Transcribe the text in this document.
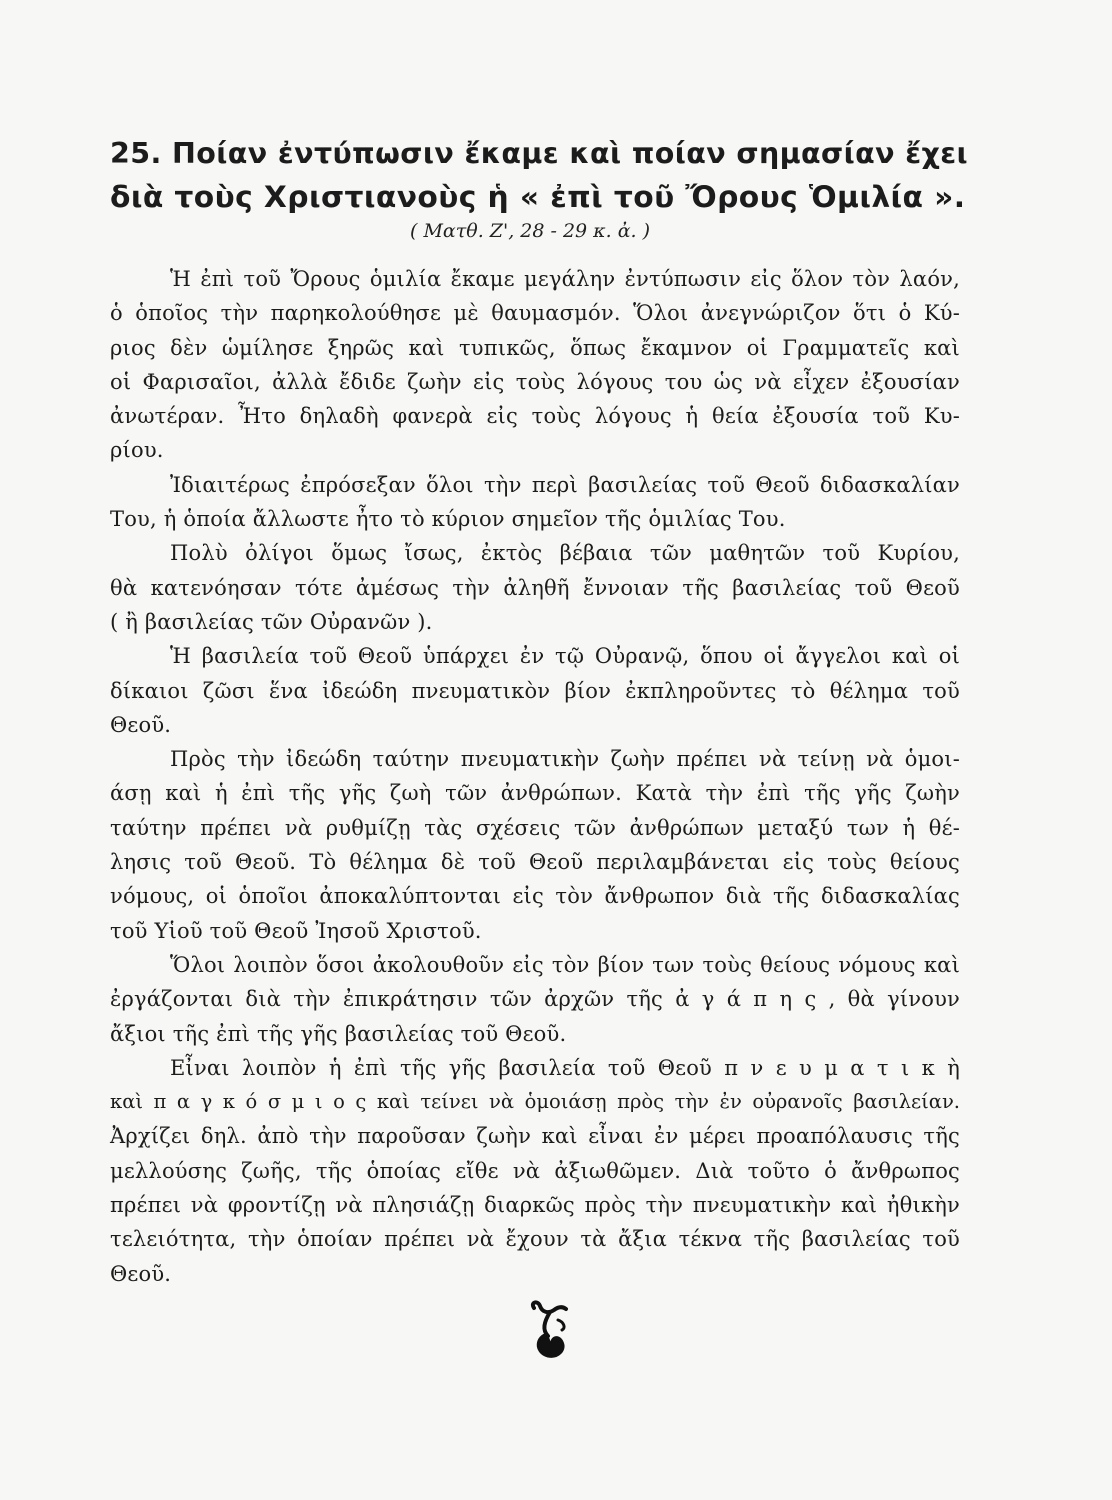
25. Ποίαν ἐντύπωσιν ἔκαμε καὶ ποίαν σημασίαν ἔχει
διὰ τοὺς Χριστιανοὺς ἡ « ἐπὶ τοῦ Ὄρους Ὁμιλία ».
( Ματθ. Ζ', 28 - 29 κ. ἀ. )
Ἡ ἐπὶ τοῦ Ὄρους ὁμιλία ἔκαμε μεγάλην ἐντύπωσιν εἰς ὅλον τὸν λαόν,
ὁ ὁποῖος τὴν παρηκολούθησε μὲ θαυμασμόν. Ὅλοι ἀνεγνώριζον ὅτι ὁ Κύ-
ριος δὲν ὡμίλησε ξηρῶς καὶ τυπικῶς, ὅπως ἔκαμνον οἱ Γραμματεῖς καὶ
οἱ Φαρισαῖοι, ἀλλὰ ἔδιδε ζωὴν εἰς τοὺς λόγους του ὡς νὰ εἶχεν ἐξουσίαν
ἀνωτέραν. Ἦτο δηλαδὴ φανερὰ εἰς τοὺς λόγους ἡ θεία ἐξουσία τοῦ Κυ-
ρίου.
Ἰδιαιτέρως ἐπρόσεξαν ὅλοι τὴν περὶ βασιλείας τοῦ Θεοῦ διδασκαλίαν
Του, ἡ ὁποία ἄλλωστε ἦτο τὸ κύριον σημεῖον τῆς ὁμιλίας Του.
Πολὺ ὀλίγοι ὅμως ἴσως, ἐκτὸς βέβαια τῶν μαθητῶν τοῦ Κυρίου,
θὰ κατενόησαν τότε ἀμέσως τὴν ἀληθῆ ἔννοιαν τῆς βασιλείας τοῦ Θεοῦ
( ἢ βασιλείας τῶν Οὐρανῶν ).
Ἡ βασιλεία τοῦ Θεοῦ ὑπάρχει ἐν τῷ Οὐρανῷ, ὅπου οἱ ἄγγελοι καὶ οἱ
δίκαιοι ζῶσι ἕνα ἰδεώδη πνευματικὸν βίον ἐκπληροῦντες τὸ θέλημα τοῦ
Θεοῦ.
Πρὸς τὴν ἰδεώδη ταύτην πνευματικὴν ζωὴν πρέπει νὰ τείνῃ νὰ ὁμοι-
άσῃ καὶ ἡ ἐπὶ τῆς γῆς ζωὴ τῶν ἀνθρώπων. Κατὰ τὴν ἐπὶ τῆς γῆς ζωὴν
ταύτην πρέπει νὰ ρυθμίζῃ τὰς σχέσεις τῶν ἀνθρώπων μεταξύ των ἡ θέ-
λησις τοῦ Θεοῦ. Τὸ θέλημα δὲ τοῦ Θεοῦ περιλαμβάνεται εἰς τοὺς θείους
νόμους, οἱ ὁποῖοι ἀποκαλύπτονται εἰς τὸν ἄνθρωπον διὰ τῆς διδασκαλίας
τοῦ Υἱοῦ τοῦ Θεοῦ Ἰησοῦ Χριστοῦ.
Ὅλοι λοιπὸν ὅσοι ἀκολουθοῦν εἰς τὸν βίον των τοὺς θείους νόμους καὶ
ἐργάζονται διὰ τὴν ἐπικράτησιν τῶν ἀρχῶν τῆς ἀ γ ά π η ς , θὰ γίνουν
ἄξιοι τῆς ἐπὶ τῆς γῆς βασιλείας τοῦ Θεοῦ.
Εἶναι λοιπὸν ἡ ἐπὶ τῆς γῆς βασιλεία τοῦ Θεοῦ π ν ε υ μ α τ ι κ ὴ
καὶ π α γ κ ό σ μ ι ο ς καὶ τείνει νὰ ὁμοιάσῃ πρὸς τὴν ἐν οὐρανοῖς βασιλείαν.
Ἀρχίζει δηλ. ἀπὸ τὴν παροῦσαν ζωὴν καὶ εἶναι ἐν μέρει προαπόλαυσις τῆς
μελλούσης ζωῆς, τῆς ὁποίας εἴθε νὰ ἀξιωθῶμεν. Διὰ τοῦτο ὁ ἄνθρωπος
πρέπει νὰ φροντίζῃ νὰ πλησιάζῃ διαρκῶς πρὸς τὴν πνευματικὴν καὶ ἠθικὴν
τελειότητα, τὴν ὁποίαν πρέπει νὰ ἔχουν τὰ ἄξια τέκνα τῆς βασιλείας τοῦ
Θεοῦ.
